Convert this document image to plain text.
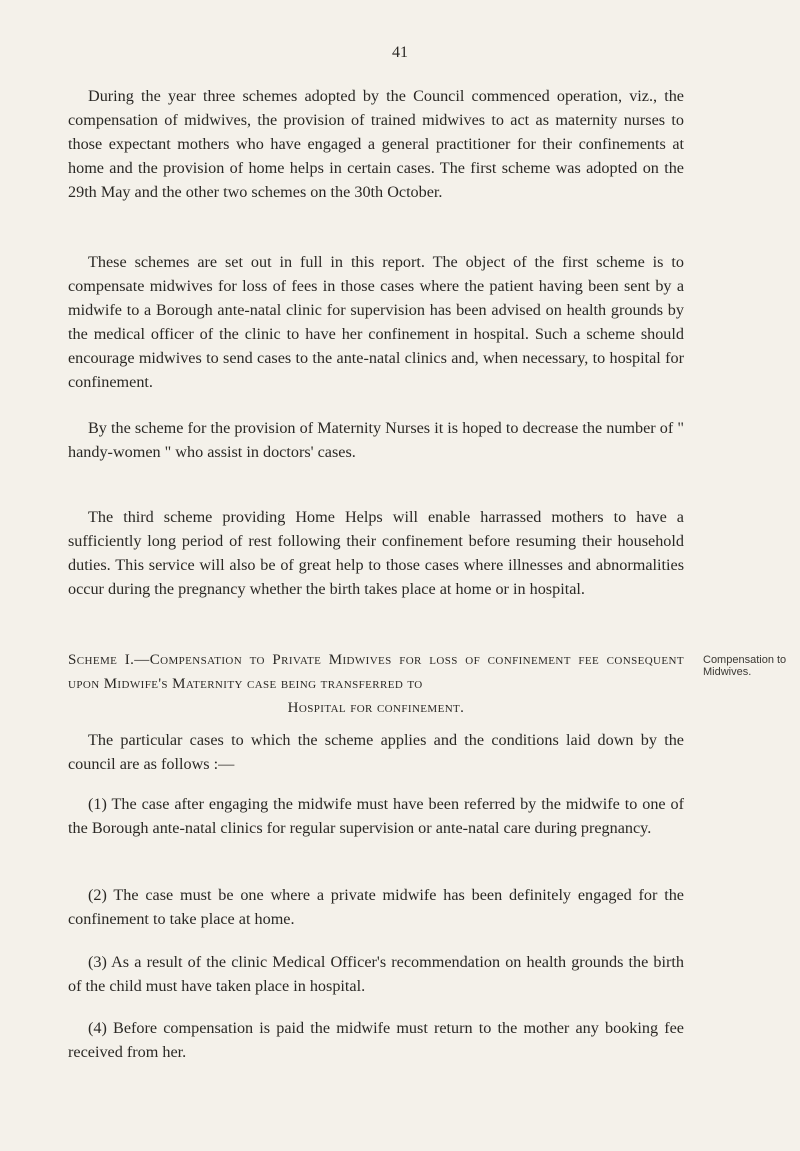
41

During the year three schemes adopted by the Council commenced operation, viz., the compensation of midwives, the provision of trained midwives to act as maternity nurses to those expectant mothers who have engaged a general practitioner for their confinements at home and the provision of home helps in certain cases. The first scheme was adopted on the 29th May and the other two schemes on the 30th October.

These schemes are set out in full in this report. The object of the first scheme is to compensate midwives for loss of fees in those cases where the patient having been sent by a midwife to a Borough ante-natal clinic for supervision has been advised on health grounds by the medical officer of the clinic to have her confinement in hospital. Such a scheme should encourage midwives to send cases to the ante-natal clinics and, when necessary, to hospital for confinement.

By the scheme for the provision of Maternity Nurses it is hoped to decrease the number of " handy-women " who assist in doctors' cases.

The third scheme providing Home Helps will enable harrassed mothers to have a sufficiently long period of rest following their confinement before resuming their household duties. This service will also be of great help to those cases where illnesses and abnormalities occur during the pregnancy whether the birth takes place at home or in hospital.

Scheme I.—Compensation to Private Midwives for loss of confinement fee consequent upon Midwife's Maternity case being transferred to
Hospital for confinement.
Compensation to Midwives.

The particular cases to which the scheme applies and the conditions laid down by the council are as follows :—

(1) The case after engaging the midwife must have been referred by the midwife to one of the Borough ante-natal clinics for regular supervision or ante-natal care during pregnancy.

(2) The case must be one where a private midwife has been definitely engaged for the confinement to take place at home.

(3) As a result of the clinic Medical Officer's recommendation on health grounds the birth of the child must have taken place in hospital.

(4) Before compensation is paid the midwife must return to the mother any booking fee received from her.
